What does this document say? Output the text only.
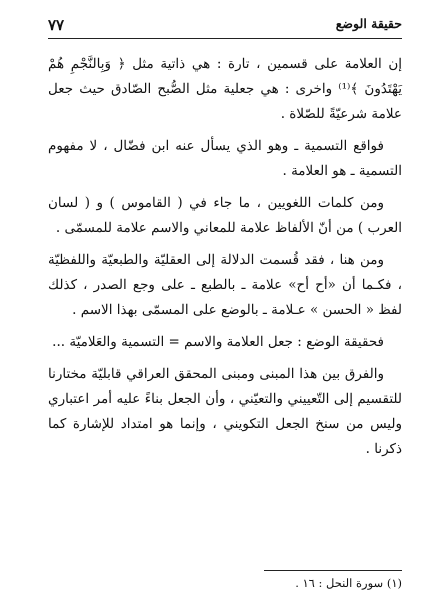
٧٧	حقيقة الوضع

إن العلامة على قسمين ، تارة : هي ذاتية مثل ﴿ وَبِالنَّجْمِ هُمْ يَهْتَدُونَ ﴾⁽¹⁾ واخرى : هي جعلية مثل الصُّبح الصّادق حيث جعل علامة شرعيّةً للصّلاة .

فواقع التسمية ـ وهو الذي يسأل عنه ابن فضّال ، لا مفهوم التسمية ـ هو العلامة .

ومن كلمات اللغويين ، ما جاء في ( القاموس ) و ( لسان العرب ) من أنّ الألفاظ علامة للمعاني والاسم علامة للمسمّى .

ومن هنا ، فقد قُسمت الدلالة إلى العقليّة والطبعيّة واللفظيّة ، فكـما أن «أح أح» علامة ـ بالطبع ـ على وجع الصدر ، كذلك لفظ « الحسن » عـلامة ـ بالوضع على المسمّى بهذا الاسم .

فحقيقة الوضع : جعل العلامة والاسم = التسمية والعَلاميّة ...

والفرق بين هذا المبنى ومبنى المحقق العراقي قابليّة مختارنا للتقسيم إلى التّعييني والتعيّني ، وأن الجعل بناءً عليه أمر اعتباري وليس من سنخ الجعل التكويني ، وإنما هو امتداد للإشارة كما ذكرنا .

(١) سورة النحل : ١٦ .
